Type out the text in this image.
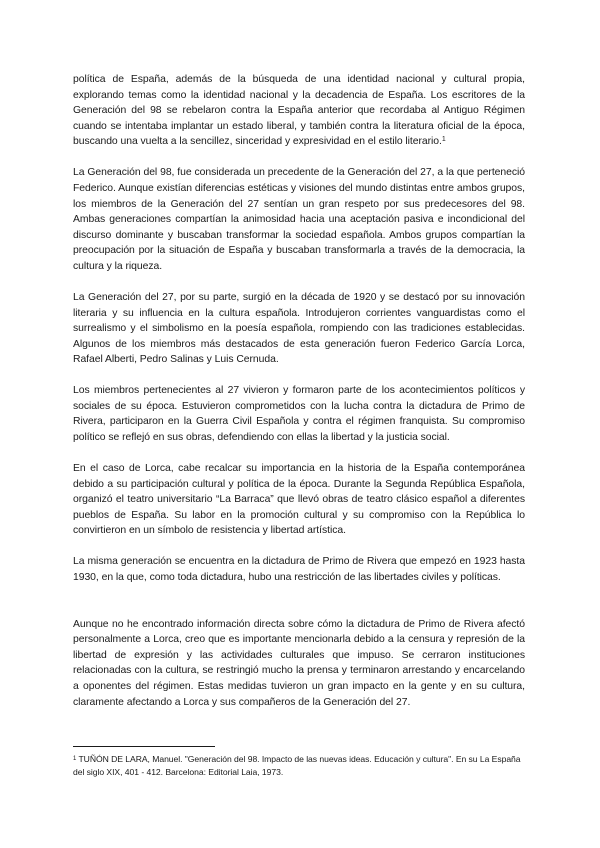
política de España, además de la búsqueda de una identidad nacional y cultural propia, explorando temas como la identidad nacional y la decadencia de España. Los escritores de la Generación del 98 se rebelaron contra la España anterior que recordaba al Antiguo Régimen cuando se intentaba implantar un estado liberal, y también contra la literatura oficial de la época, buscando una vuelta a la sencillez, sinceridad y expresividad en el estilo literario.$^1$

La Generación del 98, fue considerada un precedente de la Generación del 27, a la que perteneció Federico. Aunque existían diferencias estéticas y visiones del mundo distintas entre ambos grupos, los miembros de la Generación del 27 sentían un gran respeto por sus predecesores del 98. Ambas generaciones compartían la animosidad hacia una aceptación pasiva e incondicional del discurso dominante y buscaban transformar la sociedad española. Ambos grupos compartían la preocupación por la situación de España y buscaban transformarla a través de la democracia, la cultura y la riqueza.

La Generación del 27, por su parte, surgió en la década de 1920 y se destacó por su innovación literaria y su influencia en la cultura española. Introdujeron corrientes vanguardistas como el surrealismo y el simbolismo en la poesía española, rompiendo con las tradiciones establecidas. Algunos de los miembros más destacados de esta generación fueron Federico García Lorca, Rafael Alberti, Pedro Salinas y Luis Cernuda.

Los miembros pertenecientes al 27 vivieron y formaron parte de los acontecimientos políticos y sociales de su época. Estuvieron comprometidos con la lucha contra la dictadura de Primo de Rivera, participaron en la Guerra Civil Española y contra el régimen franquista. Su compromiso político se reflejó en sus obras, defendiendo con ellas la libertad y la justicia social.

En el caso de Lorca, cabe recalcar su importancia en la historia de la España contemporánea debido a su participación cultural y política de la época. Durante la Segunda República Española, organizó el teatro universitario “La Barraca” que llevó obras de teatro clásico español a diferentes pueblos de España. Su labor en la promoción cultural y su compromiso con la República lo convirtieron en un símbolo de resistencia y libertad artística.

La misma generación se encuentra en la dictadura de Primo de Rivera que empezó en 1923 hasta 1930, en la que, como toda dictadura, hubo una restricción de las libertades civiles y políticas.

Aunque no he encontrado información directa sobre cómo la dictadura de Primo de Rivera afectó personalmente a Lorca, creo que es importante mencionarla debido a la censura y represión de la libertad de expresión y las actividades culturales que impuso. Se cerraron instituciones relacionadas con la cultura, se restringió mucho la prensa y terminaron arrestando y encarcelando a oponentes del régimen. Estas medidas tuvieron un gran impacto en la gente y en su cultura, claramente afectando a Lorca y sus compañeros de la Generación del 27.

$^1$ TUÑÓN DE LARA, Manuel. "Generación del 98. Impacto de las nuevas ideas. Educación y cultura". En su La España del siglo XIX, 401 - 412. Barcelona: Editorial Laia, 1973.
